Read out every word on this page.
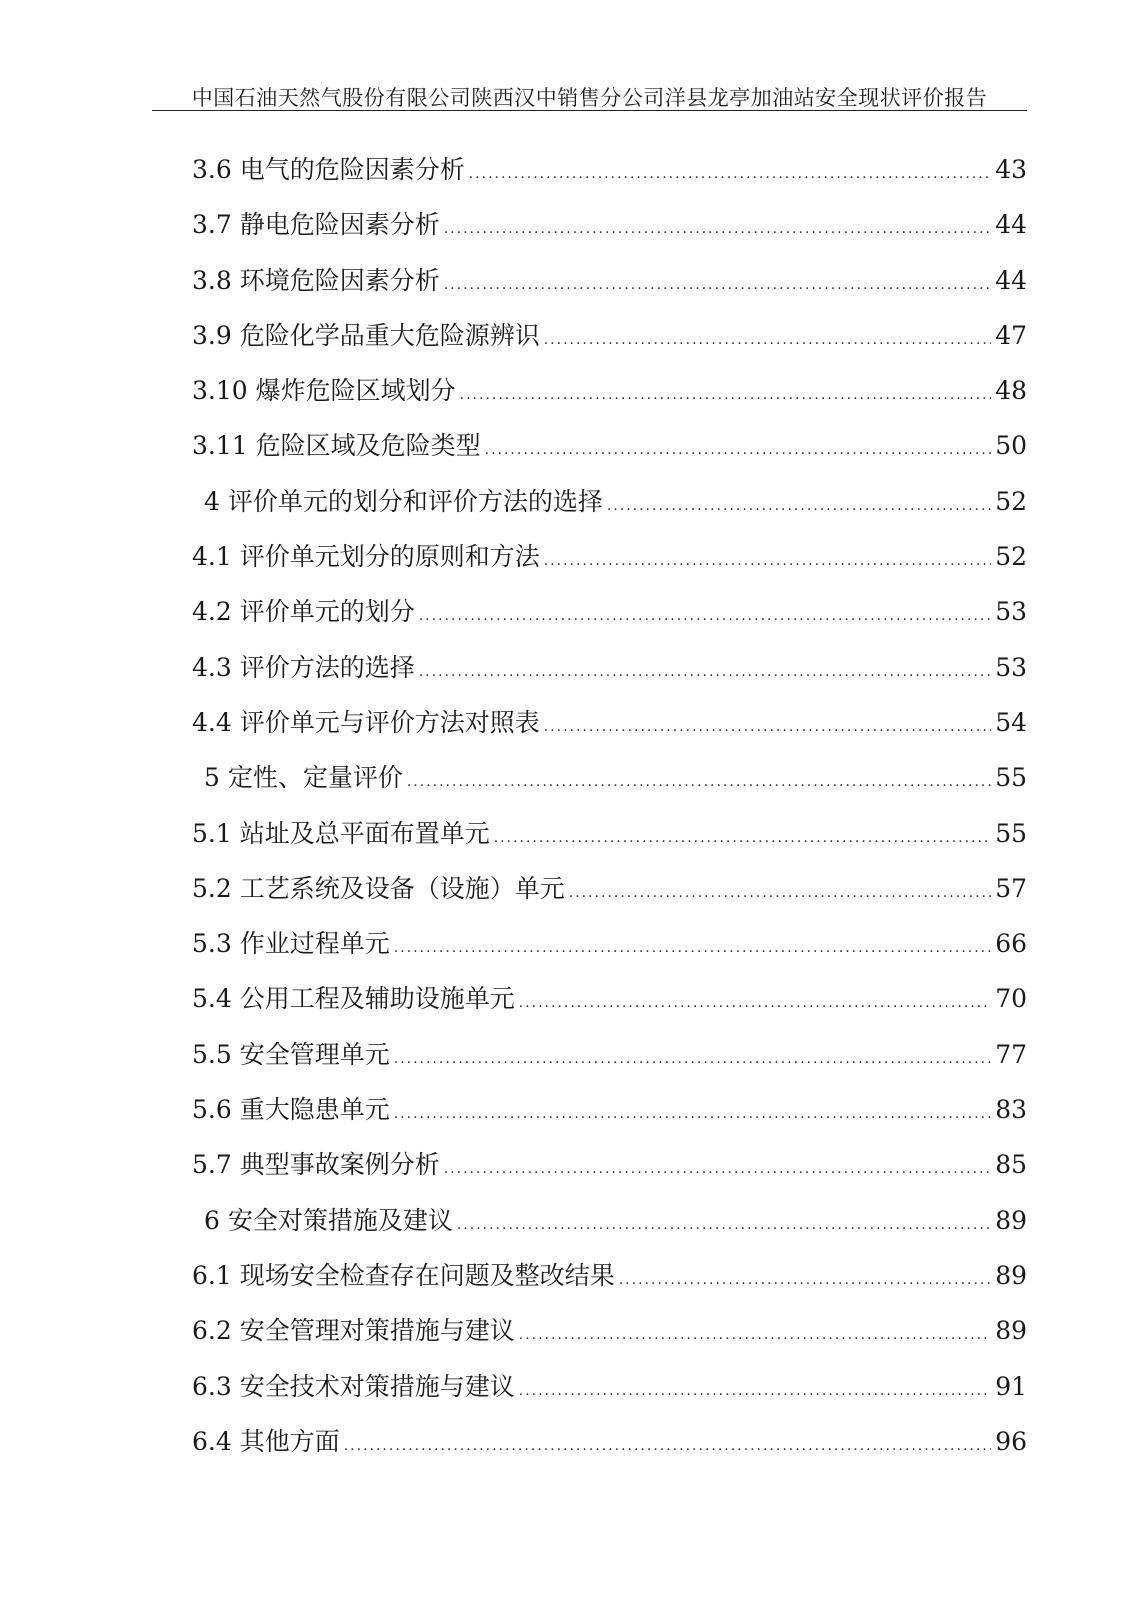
中国石油天然气股份有限公司陕西汉中销售分公司洋县龙亭加油站安全现状评价报告
3.6 电气的危险因素分析 .....	43
3.7 静电危险因素分析 .....	44
3.8 环境危险因素分析 .....	44
3.9 危险化学品重大危险源辨识 .....	47
3.10 爆炸危险区域划分 .....	48
3.11 危险区域及危险类型 .....	50
4 评价单元的划分和评价方法的选择 .....	52
4.1 评价单元划分的原则和方法 .....	52
4.2 评价单元的划分 .....	53
4.3 评价方法的选择 .....	53
4.4 评价单元与评价方法对照表 .....	54
5 定性、定量评价 .....	55
5.1 站址及总平面布置单元 .....	55
5.2 工艺系统及设备（设施）单元 .....	57
5.3 作业过程单元 .....	66
5.4 公用工程及辅助设施单元 .....	70
5.5 安全管理单元 .....	77
5.6 重大隐患单元 .....	83
5.7 典型事故案例分析 .....	85
6 安全对策措施及建议 .....	89
6.1 现场安全检查存在问题及整改结果 .....	89
6.2 安全管理对策措施与建议 .....	89
6.3 安全技术对策措施与建议 .....	91
6.4 其他方面 .....	96
